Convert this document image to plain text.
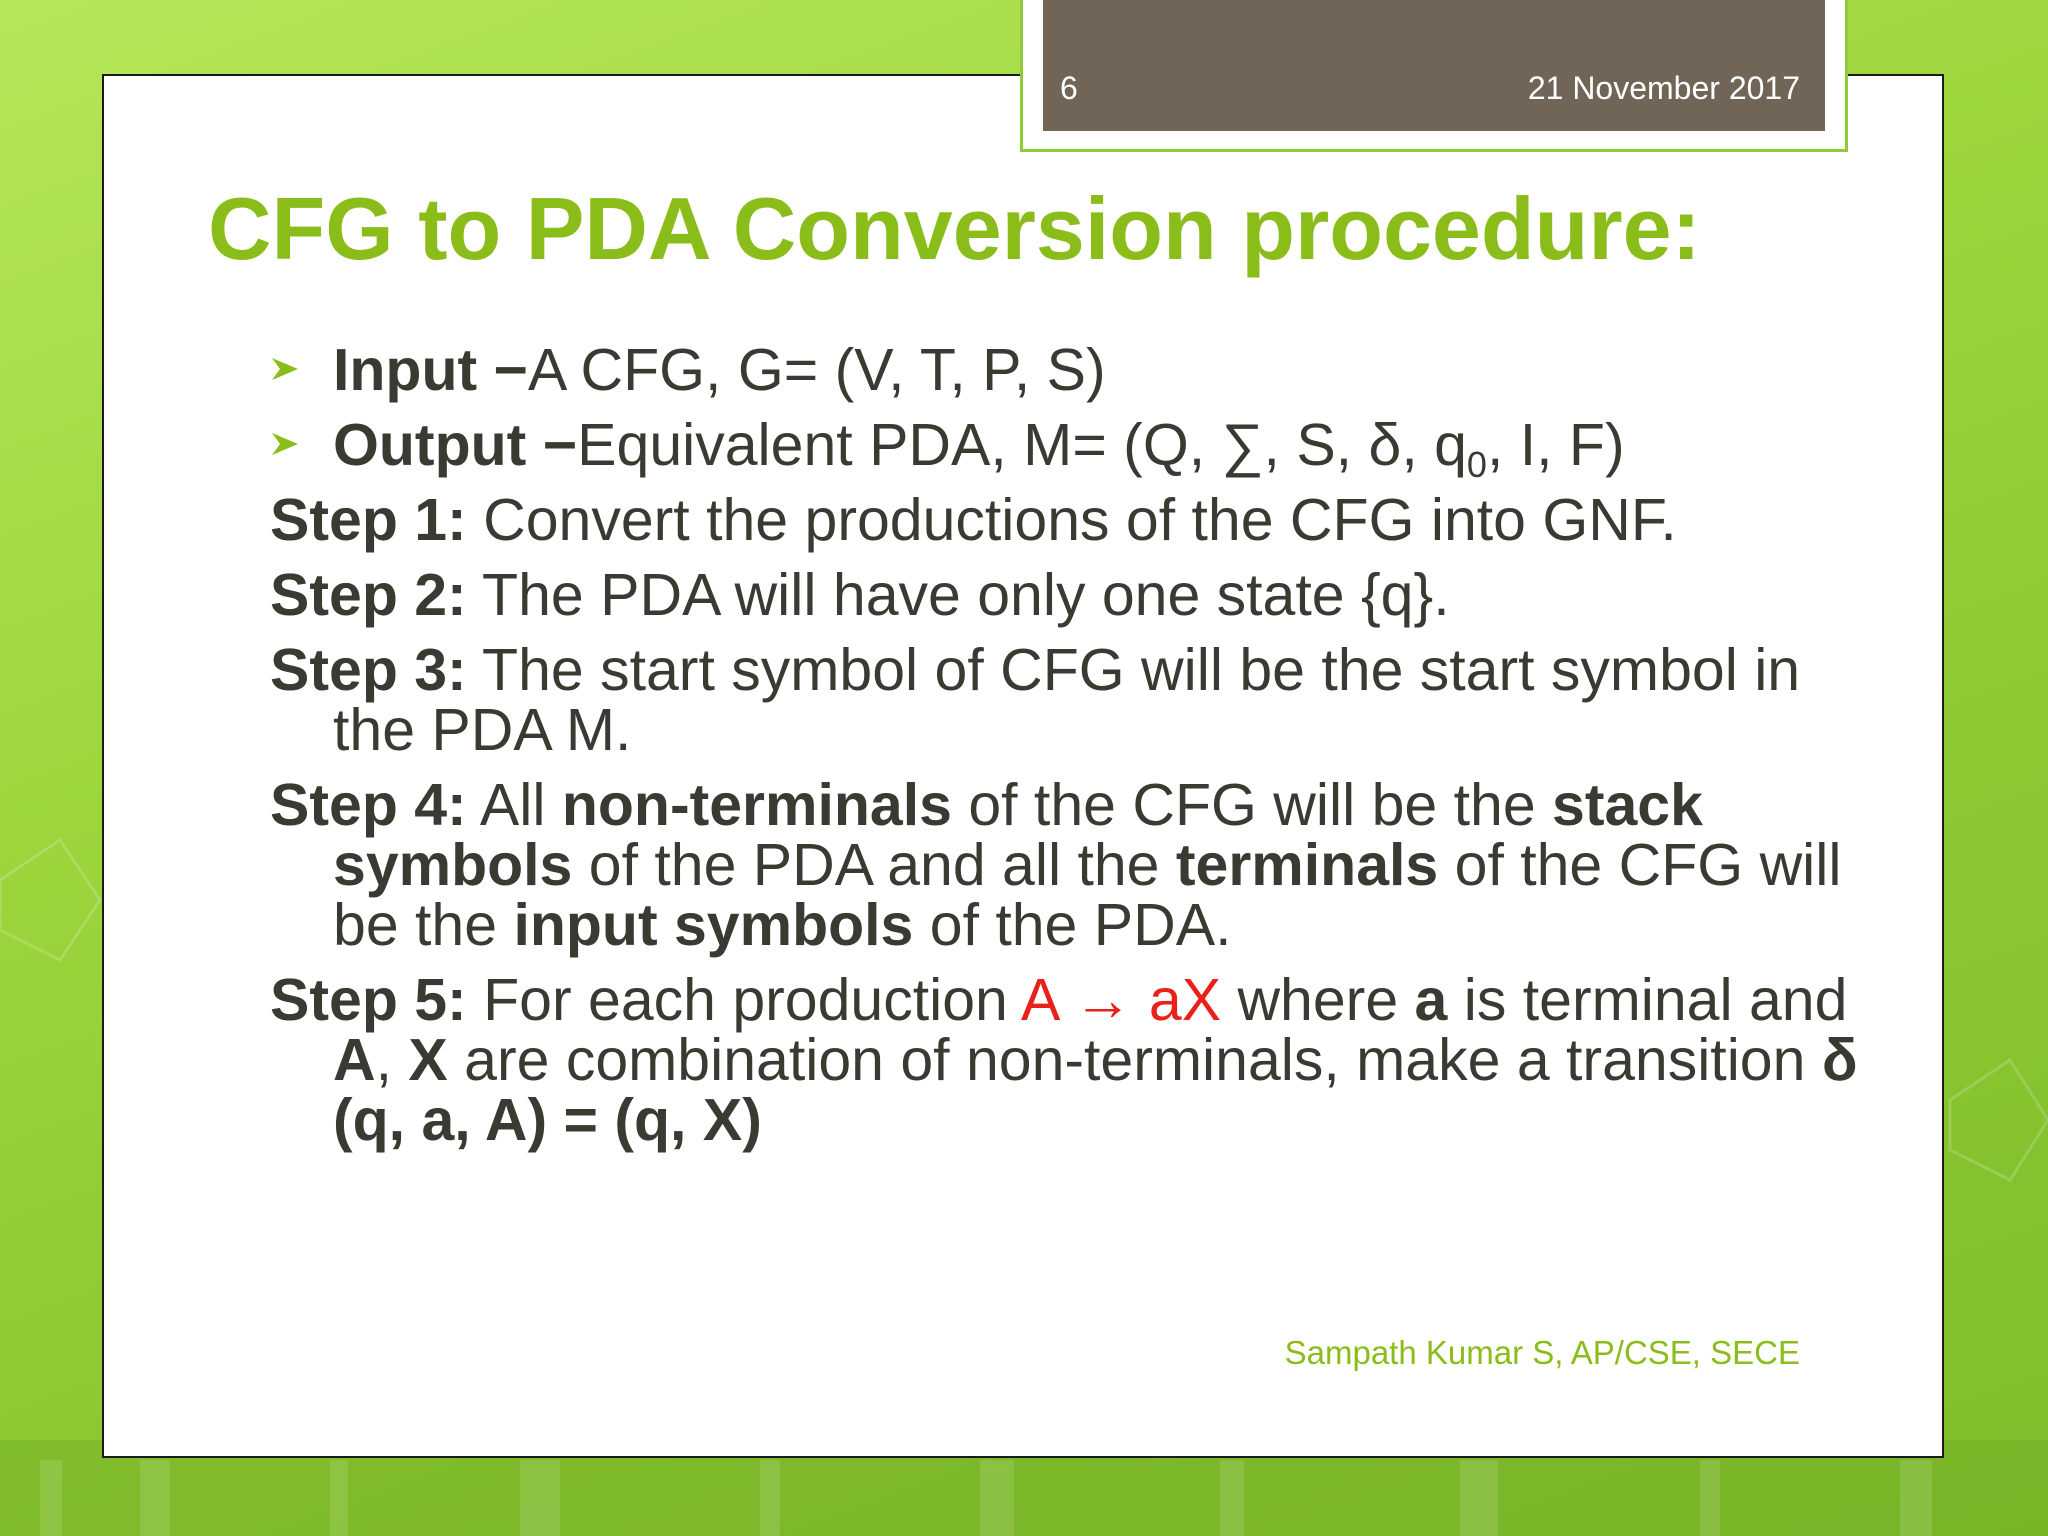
6	21 November 2017
CFG to PDA Conversion procedure:
Input −A CFG, G= (V, T, P, S)
Output −Equivalent PDA, M= (Q, ∑, S, δ, $q_0$, I, F)
Step 1: Convert the productions of the CFG into GNF.
Step 2: The PDA will have only one state {q}.
Step 3: The start symbol of CFG will be the start symbol in the PDA M.
Step 4: All non-terminals of the CFG will be the stack symbols of the PDA and all the terminals of the CFG will be the input symbols of the PDA.
Step 5: For each production A → aX where a is terminal and A, X are combination of non-terminals, make a transition δ (q, a, A) = (q, X)
Sampath Kumar S, AP/CSE, SECE
